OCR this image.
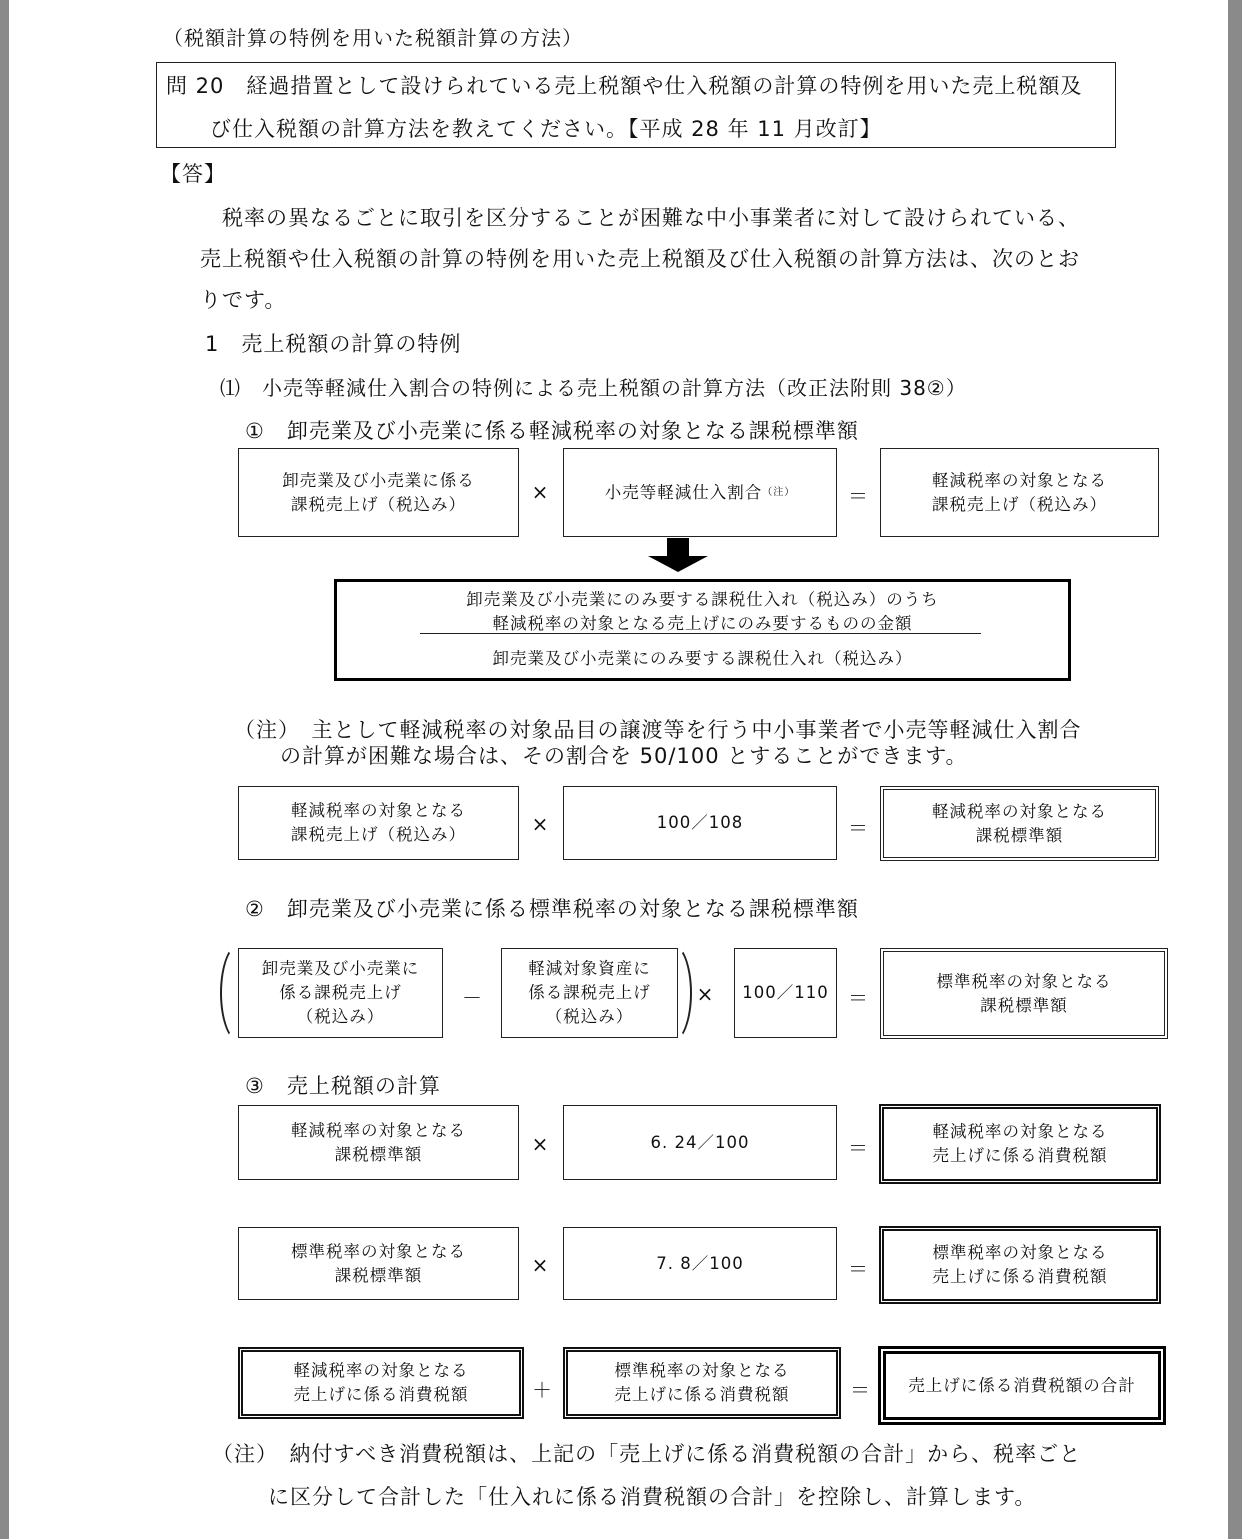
（税額計算の特例を用いた税額計算の方法）
問 20　経過措置として設けられている売上税額や仕入税額の計算の特例を用いた売上税額及
び仕入税額の計算方法を教えてください。【平成 28 年 11 月改訂】
【答】
税率の異なるごとに取引を区分することが困難な中小事業者に対して設けられている、
売上税額や仕入税額の計算の特例を用いた売上税額及び仕入税額の計算方法は、次のとお
りです。
1　売上税額の計算の特例
⑴　小売等軽減仕入割合の特例による売上税額の計算方法（改正法附則 38②）
①　卸売業及び小売業に係る軽減税率の対象となる課税標準額
卸売業及び小売業に係る
課税売上げ（税込み）	×	小売等軽減仕入割合 （注）	＝
軽減税率の対象となる
課税売上げ（税込み）
卸売業及び小売業にのみ要する課税仕入れ（税込み）のうち
軽減税率の対象となる売上げにのみ要するものの金額
卸売業及び小売業にのみ要する課税仕入れ（税込み）
（注）　主として軽減税率の対象品目の譲渡等を行う中小事業者で小売等軽減仕入割合
の計算が困難な場合は、その割合を 50/100 とすることができます。
軽減税率の対象となる
課税売上げ（税込み）	×	100／108	＝
軽減税率の対象となる
課税標準額
②　卸売業及び小売業に係る標準税率の対象となる課税標準額
卸売業及び小売業に
係る課税売上げ
（税込み）
－
軽減対象資産に
係る課税売上げ
（税込み）
×	100／110 ＝
標準税率の対象となる
課税標準額
③　売上税額の計算
軽減税率の対象となる
課税標準額	×	6. 24／100	＝
軽減税率の対象となる
売上げに係る消費税額
標準税率の対象となる
課税標準額	×	7. 8／100	＝
標準税率の対象となる
売上げに係る消費税額
軽減税率の対象となる
売上げに係る消費税額	＋
標準税率の対象となる
売上げに係る消費税額	＝	売上げに係る消費税額の合計
（注）　納付すべき消費税額は、上記の「売上げに係る消費税額の合計」から、税率ごと
に区分して合計した「仕入れに係る消費税額の合計」を控除し、計算します。
